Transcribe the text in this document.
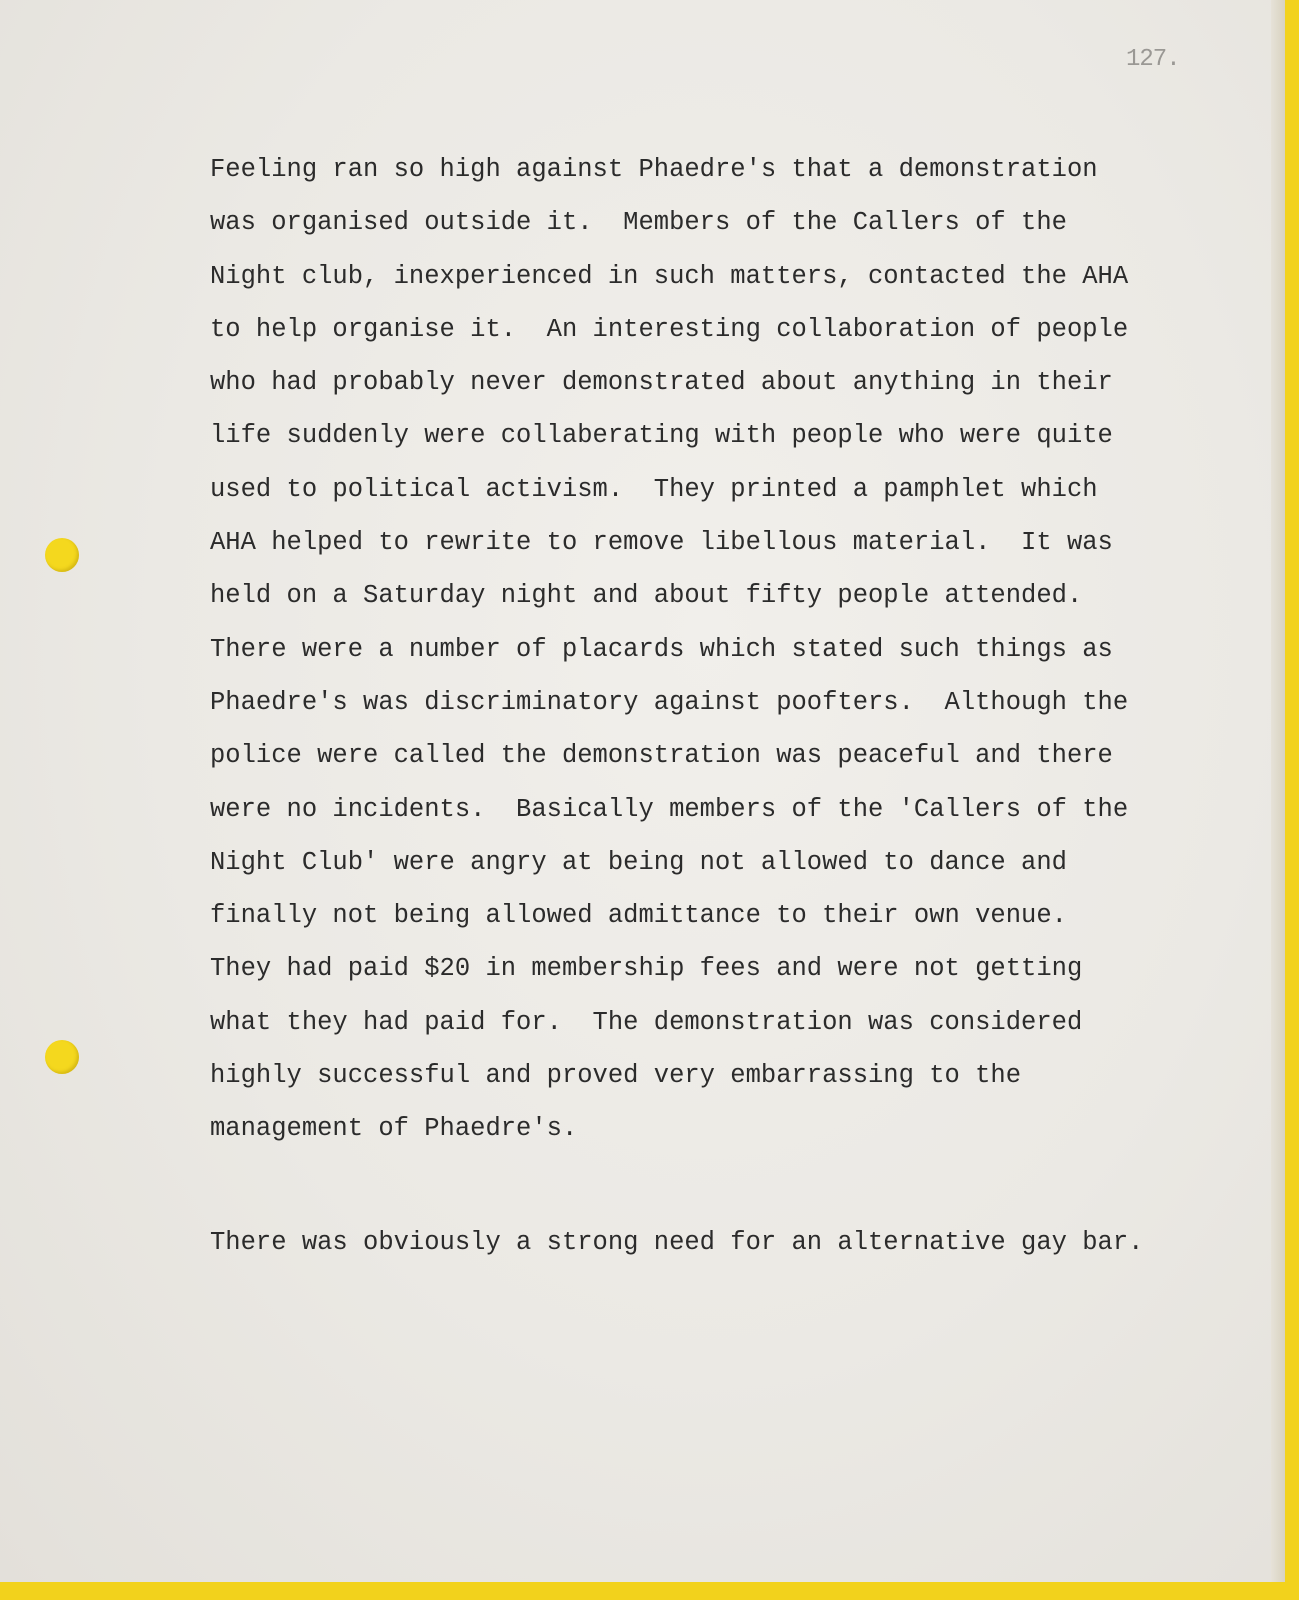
127.
Feeling ran so high against Phaedre's that a demonstration
was organised outside it.  Members of the Callers of the
Night club, inexperienced in such matters, contacted the AHA
to help organise it.  An interesting collaboration of people
who had probably never demonstrated about anything in their
life suddenly were collaberating with people who were quite
used to political activism.  They printed a pamphlet which
AHA helped to rewrite to remove libellous material.  It was
held on a Saturday night and about fifty people attended.
There were a number of placards which stated such things as
Phaedre's was discriminatory against poofters.  Although the
police were called the demonstration was peaceful and there
were no incidents.  Basically members of the 'Callers of the
Night Club' were angry at being not allowed to dance and
finally not being allowed admittance to their own venue.
They had paid $20 in membership fees and were not getting
what they had paid for.  The demonstration was considered
highly successful and proved very embarrassing to the
management of Phaedre's.
There was obviously a strong need for an alternative gay bar.
